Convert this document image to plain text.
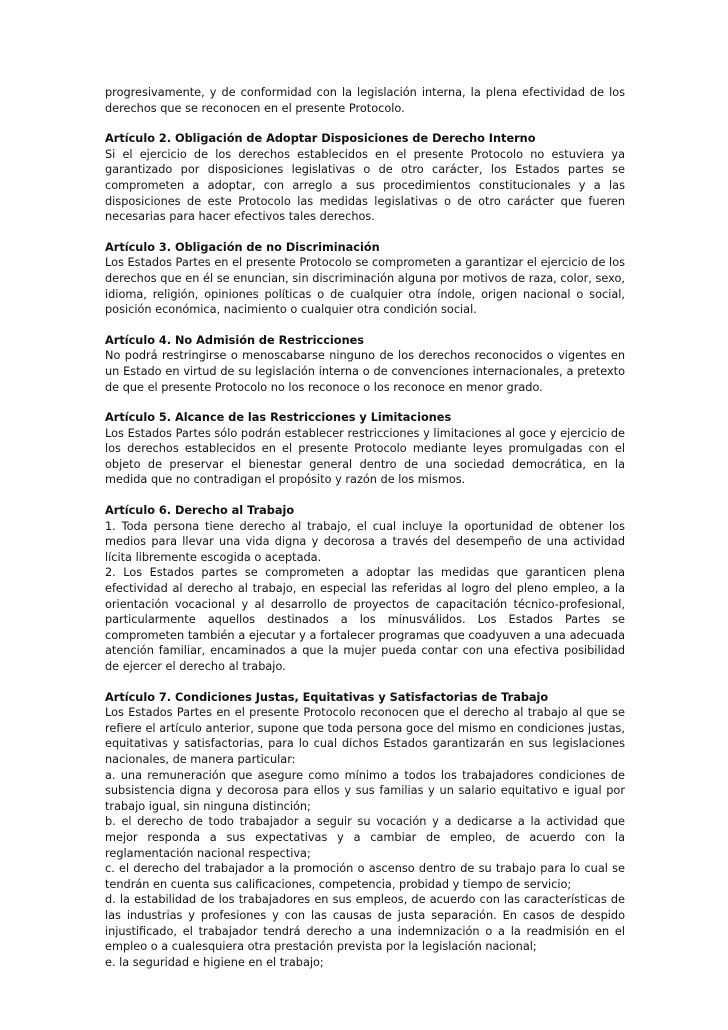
progresivamente, y de conformidad con la legislación interna, la plena efectividad de los derechos que se reconocen en el presente Protocolo.

Artículo 2. Obligación de Adoptar Disposiciones de Derecho Interno

Si el ejercicio de los derechos establecidos en el presente Protocolo no estuviera ya garantizado por disposiciones legislativas o de otro carácter, los Estados partes se comprometen a adoptar, con arreglo a sus procedimientos constitucionales y a las disposiciones de este Protocolo las medidas legislativas o de otro carácter que fueren necesarias para hacer efectivos tales derechos.

Artículo 3. Obligación de no Discriminación

Los Estados Partes en el presente Protocolo se comprometen a garantizar el ejercicio de los derechos que en él se enuncian, sin discriminación alguna por motivos de raza, color, sexo, idioma, religión, opiniones políticas o de cualquier otra índole, origen nacional o social, posición económica, nacimiento o cualquier otra condición social.

Artículo 4. No Admisión de Restricciones

No podrá restringirse o menoscabarse ninguno de los derechos reconocidos o vigentes en un Estado en virtud de su legislación interna o de convenciones internacionales, a pretexto de que el presente Protocolo no los reconoce o los reconoce en menor grado.

Artículo 5. Alcance de las Restricciones y Limitaciones

Los Estados Partes sólo podrán establecer restricciones y limitaciones al goce y ejercicio de los derechos establecidos en el presente Protocolo mediante leyes promulgadas con el objeto de preservar el bienestar general dentro de una sociedad democrática, en la medida que no contradigan el propósito y razón de los mismos.

Artículo 6. Derecho al Trabajo

1. Toda persona tiene derecho al trabajo, el cual incluye la oportunidad de obtener los medios para llevar una vida digna y decorosa a través del desempeño de una actividad lícita libremente escogida o aceptada.

2. Los Estados partes se comprometen a adoptar las medidas que garanticen plena efectividad al derecho al trabajo, en especial las referidas al logro del pleno empleo, a la orientación vocacional y al desarrollo de proyectos de capacitación técnico-profesional, particularmente aquellos destinados a los minusválidos. Los Estados Partes se comprometen también a ejecutar y a fortalecer programas que coadyuven a una adecuada atención familiar, encaminados a que la mujer pueda contar con una efectiva posibilidad de ejercer el derecho al trabajo.

Artículo 7. Condiciones Justas, Equitativas y Satisfactorias de Trabajo

Los Estados Partes en el presente Protocolo reconocen que el derecho al trabajo al que se refiere el artículo anterior, supone que toda persona goce del mismo en condiciones justas, equitativas y satisfactorias, para lo cual dichos Estados garantizarán en sus legislaciones nacionales, de manera particular:

a. una remuneración que asegure como mínimo a todos los trabajadores condiciones de subsistencia digna y decorosa para ellos y sus familias y un salario equitativo e igual por trabajo igual, sin ninguna distinción;

b. el derecho de todo trabajador a seguir su vocación y a dedicarse a la actividad que mejor responda a sus expectativas y a cambiar de empleo, de acuerdo con la reglamentación nacional respectiva;

c. el derecho del trabajador a la promoción o ascenso dentro de su trabajo para lo cual se tendrán en cuenta sus calificaciones, competencia, probidad y tiempo de servicio;

d. la estabilidad de los trabajadores en sus empleos, de acuerdo con las características de las industrias y profesiones y con las causas de justa separación. En casos de despido injustificado, el trabajador tendrá derecho a una indemnización o a la readmisión en el empleo o a cualesquiera otra prestación prevista por la legislación nacional;

e. la seguridad e higiene en el trabajo;
